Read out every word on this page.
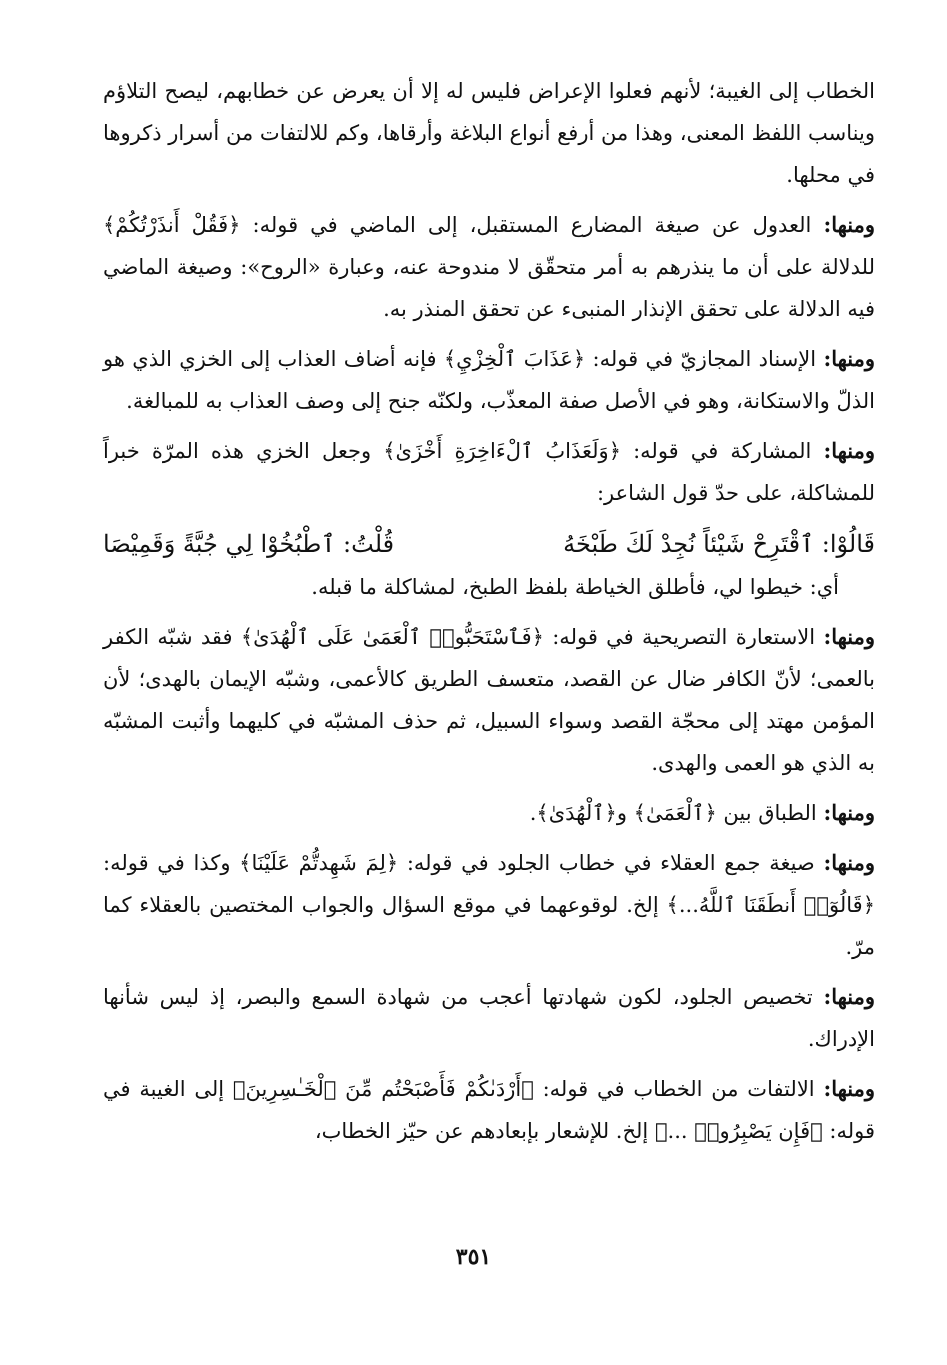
الخطاب إلى الغيبة؛ لأنهم فعلوا الإعراض فليس له إلا أن يعرض عن خطابهم، ليصح التلاؤم ويناسب اللفظ المعنى، وهذا من أرفع أنواع البلاغة وأرقاها، وكم للالتفات من أسرار ذكروها في محلها.

ومنها: العدول عن صيغة المضارع المستقبل، إلى الماضي في قوله: ﴿فَقُلْ أَنذَرْتُكُمْ﴾ للدلالة على أن ما ينذرهم به أمر متحقّق لا مندوحة عنه، وعبارة «الروح»: وصيغة الماضي فيه الدلالة على تحقق الإنذار المنبىء عن تحقق المنذر به.

ومنها: الإسناد المجازيّ في قوله: ﴿عَذَابَ ٱلْخِزْيِ﴾ فإنه أضاف العذاب إلى الخزي الذي هو الذلّ والاستكانة، وهو في الأصل صفة المعذّب، ولكنّه جنح إلى وصف العذاب به للمبالغة.

ومنها: المشاركة في قوله: ﴿وَلَعَذَابُ ٱلْءَاخِرَةِ أَخْزَىٰ﴾ وجعل الخزي هذه المرّة خبراً للمشاكلة، على حدّ قول الشاعر:

قَالُوْا: ٱقْتَرِحْ شَيْئاً نُجِدْ لَكَ طَبْخَهُ
قُلْتُ: ٱطْبُخُوْا لِي جُبَّةً وَقَمِيْصَا

أي: خيطوا لي، فأطلق الخياطة بلفظ الطبخ، لمشاكلة ما قبله.

ومنها: الاستعارة التصريحية في قوله: ﴿فَٱسْتَحَبُّوا۟ ٱلْعَمَىٰ عَلَى ٱلْهُدَىٰ﴾ فقد شبّه الكفر بالعمى؛ لأنّ الكافر ضال عن القصد، متعسف الطريق كالأعمى، وشبّه الإيمان بالهدى؛ لأن المؤمن مهتد إلى محجّة القصد وسواء السبيل، ثم حذف المشبّه في كليهما وأثبت المشبّه به الذي هو العمى والهدى.

ومنها: الطباق بين ﴿ٱلْعَمَىٰ﴾ و﴿ٱلْهُدَىٰ﴾.

ومنها: صيغة جمع العقلاء في خطاب الجلود في قوله: ﴿لِمَ شَهِدتُّمْ عَلَيْنَا﴾ وكذا في قوله: ﴿قَالُوٓا۟ أَنطَقَنَا ٱللَّهُ...﴾ إلخ. لوقوعهما في موقع السؤال والجواب المختصين بالعقلاء كما مرّ.

ومنها: تخصيص الجلود، لكون شهادتها أعجب من شهادة السمع والبصر، إذ ليس شأنها الإدراك.

ومنها: الالتفات من الخطاب في قوله: ﴿أَرْدَىٰكُمْ فَأَصْبَحْتُم مِّنَ ٱلْخَـٰسِرِينَ﴾ إلى الغيبة في قوله: ﴿فَإِن يَصْبِرُوا۟ ...﴾ إلخ. للإشعار بإبعادهم عن حيّز الخطاب،

٣٥١
